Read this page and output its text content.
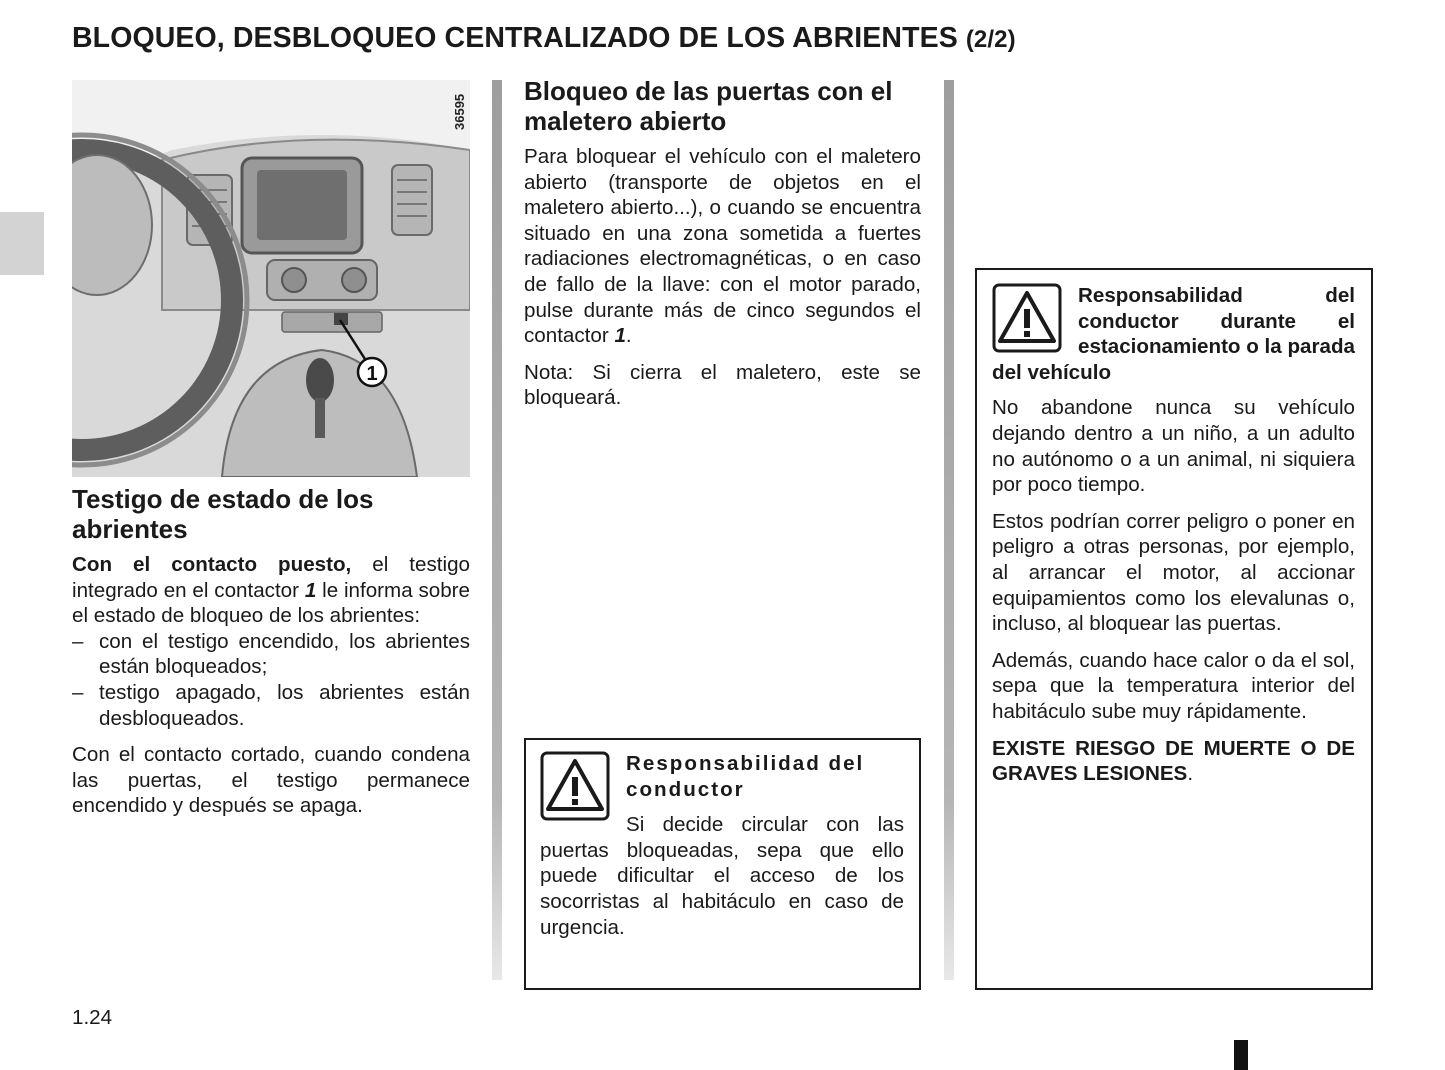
BLOQUEO, DESBLOQUEO CENTRALIZADO DE LOS ABRIENTES (2/2)
1
36595
Testigo de estado de los abrientes

Con el contacto puesto, el testigo integrado en el contactor 1 le informa sobre el estado de bloqueo de los abrientes:

– con el testigo encendido, los abrientes están bloqueados;
– testigo apagado, los abrientes están desbloqueados.

Con el contacto cortado, cuando condena las puertas, el testigo permanece encendido y después se apaga.

Bloqueo de las puertas con el maletero abierto

Para bloquear el vehículo con el maletero abierto (transporte de objetos en el maletero abierto...), o cuando se encuentra situado en una zona sometida a fuertes radiaciones electromagnéticas, o en caso de fallo de la llave: con el motor parado, pulse durante más de cinco segundos el contactor 1.

Nota: Si cierra el maletero, este se bloqueará.

Responsabilidad del conductor

Si decide circular con las puertas bloqueadas, sepa que ello puede dificultar el acceso de los socorristas al habitáculo en caso de urgencia.

Responsabilidad del conductor durante el estacionamiento o la parada del vehículo

No abandone nunca su vehículo dejando dentro a un niño, a un adulto no autónomo o a un animal, ni siquiera por poco tiempo.

Estos podrían correr peligro o poner en peligro a otras personas, por ejemplo, al arrancar el motor, al accionar equipamientos como los elevalunas o, incluso, al bloquear las puertas.

Además, cuando hace calor o da el sol, sepa que la temperatura interior del habitáculo sube muy rápidamente.

EXISTE RIESGO DE MUERTE O DE GRAVES LESIONES.

1.24
